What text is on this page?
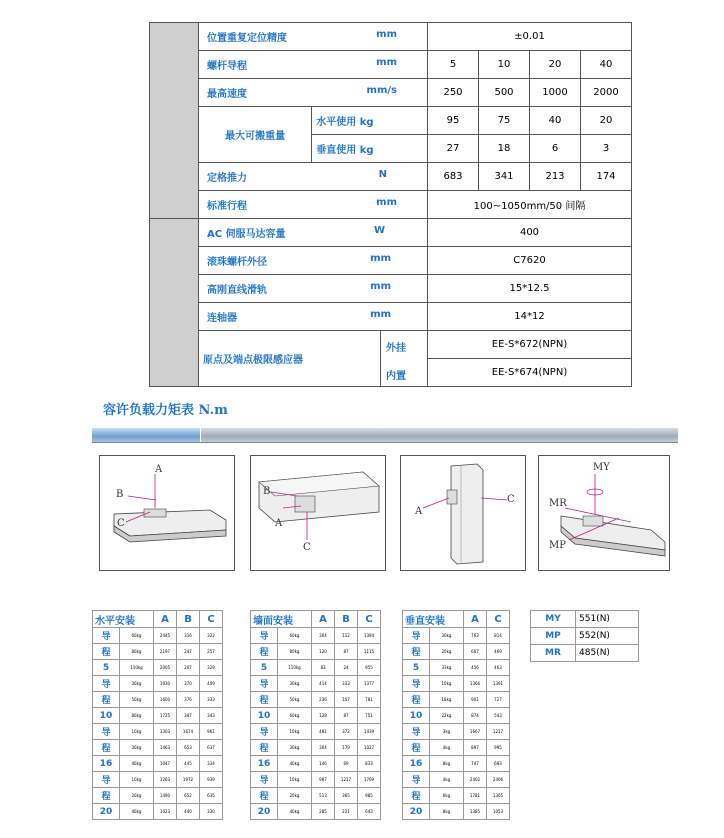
	位置重复定位精度 mm		±0.01			

	螺杆导程 mm		5	10	20	40

	最高速度 mm/s		250	500	1000	2000
	最大可搬重量	水平使用 kg	95	75	40	20
		垂直使用 kg	27	18	6	3

	定格推力 N		683	341	213	174

	标准行程 mm		100~1050mm/50 间隔			

	AC 伺服马达容量 W		400			

	滚珠螺杆外径 mm		C7620			

	高刚直线滑轨 mm		15*12.5			

	连轴器 mm		14*12			
	原点及端点极限感应器		外挂 EE-S*672(NPN)			

			内置 EE-S*674(NPN)			
容许负载力矩表 N.m
A
B
C
B
A
C
A
C
MY
MR
MP
水平安装		A	B	C
导	60kg	2445	316	322
程	80kg	2197	247	257
5	110kg	2005	207	329
导	30kg	1930	370	409
程	50kg	1600	376	333
10	80kg	1725	347	343
导	10kg	3303	1674	961
程	30kg	1463	653	637
16	40kg	1047	445	334
导	10kg	3263	1972	939
程	20kg	1490	652	635
20	40kg	1023	440	330
墙面安装		A	B	C
导	60kg	304	112	1394
程	80kg	120	87	1115
5	110kg	83	24	955
导	30kg	414	333	1377
程	50kg	236	157	781
10	60kg	128	87	751
导	10kg	481	372	1439
程	30kg	304	179	1027
16	40kg	146	69	833
导	10kg	987	1217	1769
程	20kg	513	365	985
20	40kg	285	221	643
垂直安装		A	C
导	30kg	763	814
程	20kg	607	469
5	33kg	456	463
导	10kg	1366	1391
程	18kg	901	727
10	22kg	874	543
导	3kg	1667	1217
程	4kg	897	995
16	8kg	747	693
导	4kg	2402	2406
程	6kg	1781	1305
20	8kg	1385	1053
MY	551(N)
MP	552(N)
MR	485(N)
